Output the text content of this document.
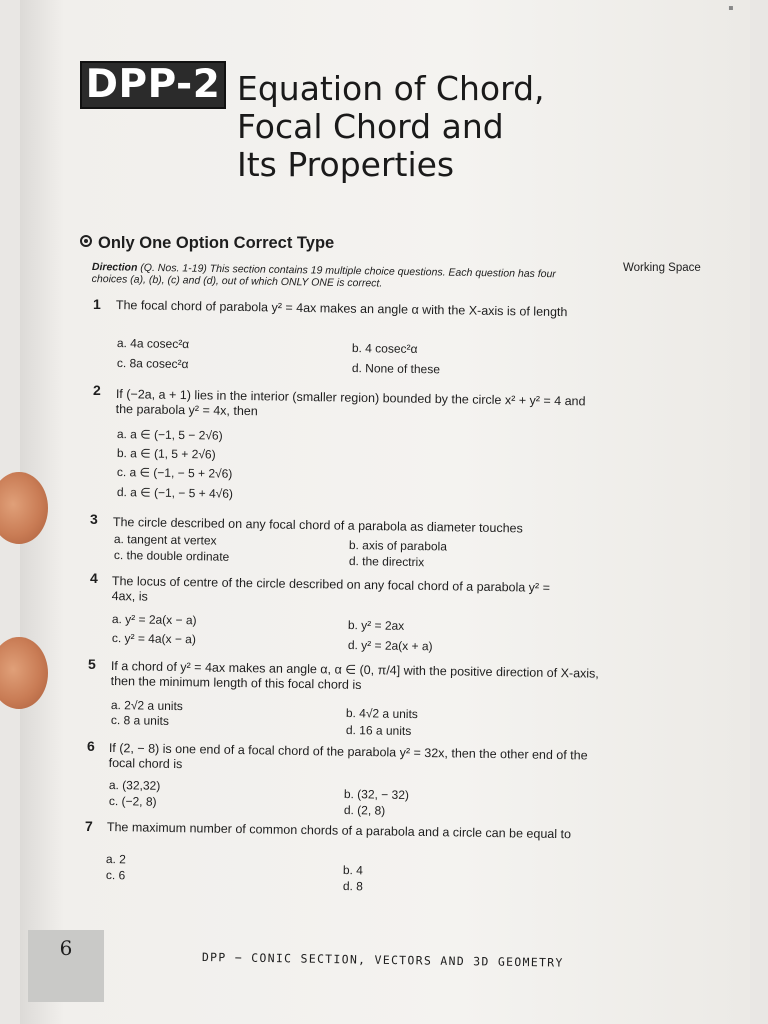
▪
DPP-2 Equation of Chord,
Focal Chord and
Its Properties
Only One Option Correct Type
Direction (Q. Nos. 1-19) This section contains 19 multiple choice questions. Each question has four choices (a), (b), (c) and (d), out of which ONLY ONE is correct.
Working Space
1 The focal chord of parabola y² = 4ax makes an angle α with the X-axis is of length
a. 4a cosec²α	b. 4 cosec²α
c. 8a cosec²α	d. None of these
2 If (−2a, a + 1) lies in the interior (smaller region) bounded by the circle x² + y² = 4 and the parabola y² = 4x, then
a. a ∈ (−1, 5 − 2√6)
b. a ∈ (1, 5 + 2√6)
c. a ∈ (−1, − 5 + 2√6)
d. a ∈ (−1, − 5 + 4√6)
3 The circle described on any focal chord of a parabola as diameter touches
a. tangent at vertex	b. axis of parabola
c. the double ordinate	d. the directrix
4 The locus of centre of the circle described on any focal chord of a parabola y² = 4ax, is
a. y² = 2a(x − a)	b. y² = 2ax
c. y² = 4a(x − a)	d. y² = 2a(x + a)
5 If a chord of y² = 4ax makes an angle α, α ∈ (0, π/4] with the positive direction of X-axis, then the minimum length of this focal chord is
a. 2√2 a units
b. 4√2 a units
c. 8 a units
d. 16 a units
6 If (2, − 8) is one end of a focal chord of the parabola y² = 32x, then the other end of the focal chord is
a. (32,32)
b. (32, − 32)
c. (−2, 8)
d. (2, 8)
7 The maximum number of common chords of a parabola and a circle can be equal to
a. 2
b. 4
c. 6
d. 8
6	DPP − CONIC SECTION, VECTORS AND 3D GEOMETRY
